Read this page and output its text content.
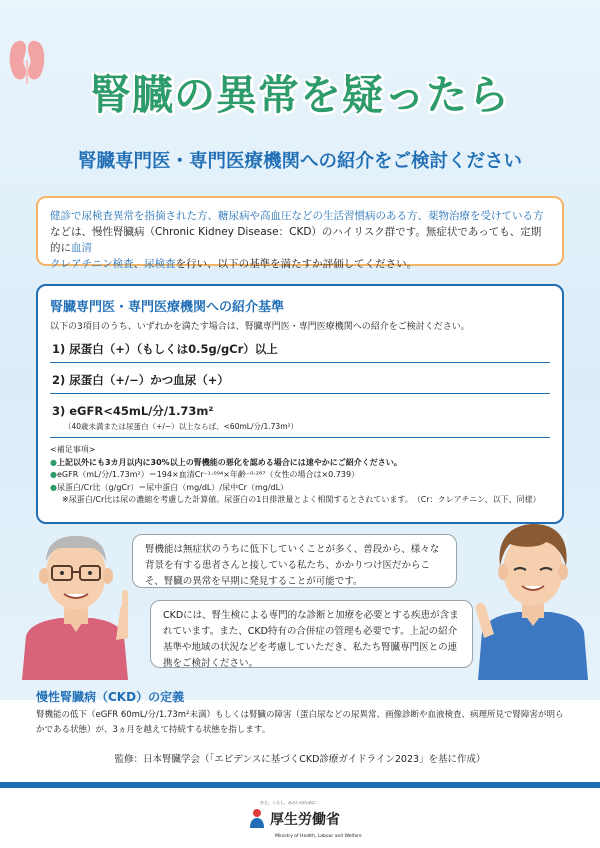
腎臓の異常を疑ったら
腎臓専門医・専門医療機関への紹介をご検討ください
健診で尿検査異常を指摘された方、糖尿病や高血圧などの生活習慣病のある方、薬物治療を受けている方
などは、慢性腎臓病（Chronic Kidney Disease：CKD）のハイリスク群です。無症状であっても、定期的に血清
クレアチニン検査、尿検査を行い、以下の基準を満たすか評価してください。
腎臓専門医・専門医療機関への紹介基準
以下の3項目のうち、いずれかを満たす場合は、腎臓専門医・専門医療機関への紹介をご検討ください。
1) 尿蛋白（+）（もしくは0.5g/gCr）以上
2) 尿蛋白（+/−）かつ血尿（+）
3) eGFR<45mL/分/1.73m²
（40歳未満または尿蛋白（+/−）以上ならば、<60mL/分/1.73m²）
<補足事項>
●上記以外にも3カ月以内に30%以上の腎機能の悪化を認める場合には速やかにご紹介ください。
●eGFR（mL/分/1.73m²）＝194×血清Cr⁻¹·⁰⁹⁴×年齢⁻⁰·²⁸⁷（女性の場合は×0.739）
●尿蛋白/Cr比（g/gCr）＝尿中蛋白（mg/dL）/尿中Cr（mg/dL）
※尿蛋白/Cr比は尿の濃縮を考慮した計算値。尿蛋白の1日排泄量とよく相関するとされています。　（Cr：クレアチニン、以下、同様）
腎機能は無症状のうちに低下していくことが多く、普段から、様々な背景を有する患者さんと接している私たち、かかりつけ医だからこそ、腎臓の異常を早期に発見することが可能です。
CKDには、腎生検による専門的な診断と加療を必要とする疾患が含まれています。また、CKD特有の合併症の管理も必要です。上記の紹介基準や地域の状況などを考慮していただき、私たち腎臓専門医との連携をご検討ください。
慢性腎臓病（CKD）の定義
腎機能の低下（eGFR 60mL/分/1.73m²未満）もしくは腎臓の障害（蛋白尿などの尿異常、画像診断や血液検査、病理所見で腎障害が明らかである状態）が、3ヵ月を越えて持続する状態を指します。
監修：日本腎臓学会（「エビデンスに基づくCKD診療ガイドライン2023」を基に作成）
ひと、くらし、みらいのために
厚生労働省
Ministry of Health, Labour and Welfare
